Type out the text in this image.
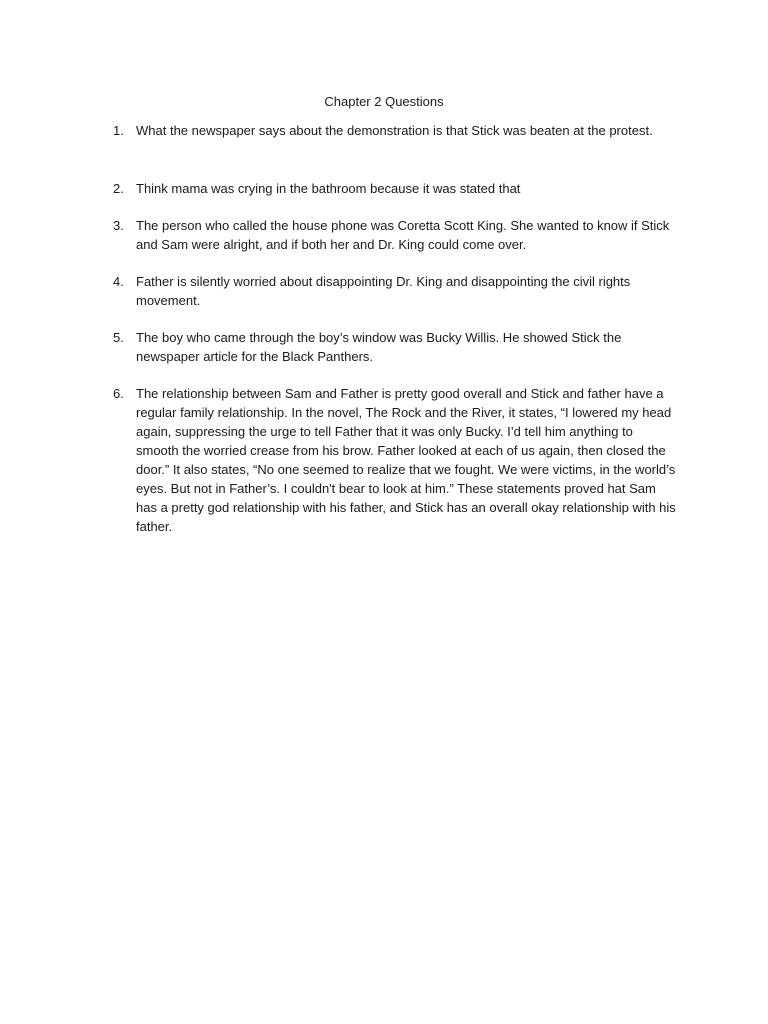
Chapter 2 Questions
1. What the newspaper says about the demonstration is that Stick was beaten at the protest.
2. Think mama was crying in the bathroom because it was stated that
3. The person who called the house phone was Coretta Scott King. She wanted to know if Stick and Sam were alright, and if both her and Dr. King could come over.
4. Father is silently worried about disappointing Dr. King and disappointing the civil rights movement.
5. The boy who came through the boy’s window was Bucky Willis. He showed Stick the newspaper article for the Black Panthers.
6. The relationship between Sam and Father is pretty good overall and Stick and father have a regular family relationship. In the novel, The Rock and the River, it states, “I lowered my head again, suppressing the urge to tell Father that it was only Bucky. I’d tell him anything to smooth the worried crease from his brow. Father looked at each of us again, then closed the door.” It also states, “No one seemed to realize that we fought. We were victims, in the world’s eyes. But not in Father’s. I couldn't bear to look at him.” These statements proved hat Sam has a pretty god relationship with his father, and Stick has an overall okay relationship with his father.
